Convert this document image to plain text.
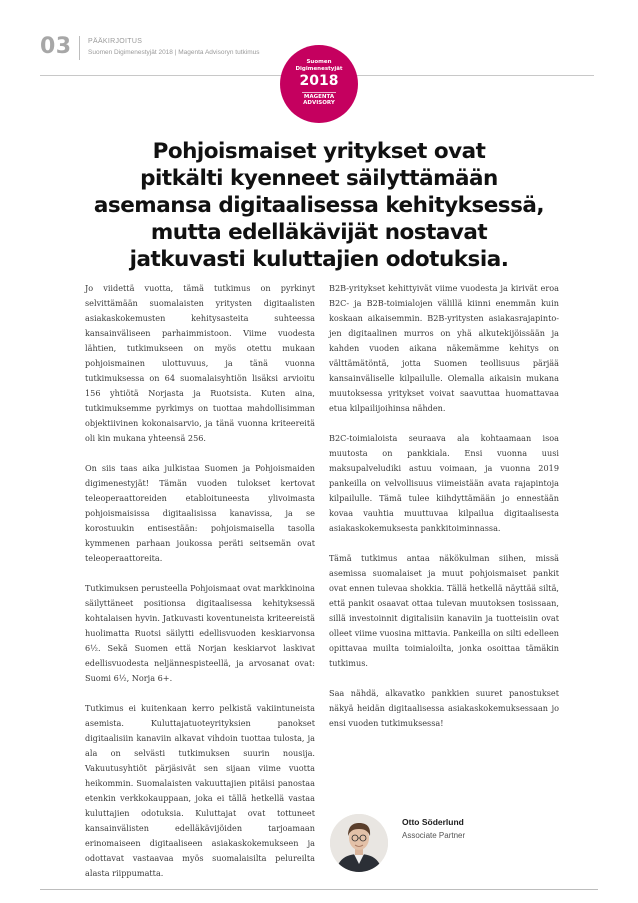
03 PÄÄKIRJOITUS
Suomen Digimenestyjät 2018 | Magenta Advisoryn tutkimus
Suomen
Digimenestyjät
2018
MAGENTA
ADVISORY
Pohjoismaiset yritykset ovat
pitkälti kyenneet säilyttämään
asemansa digitaalisessa kehityksessä,
mutta edelläkävijät nostavat
jatkuvasti kuluttajien odotuksia.

Jo viidettä vuotta, tämä tutkimus on pyrkinyt selvittämään suomalaisten yritysten digitaalisten asiakaskokemusten kehitysasteita suhteessa kansainväliseen parhaimmistoon. Viime vuodesta lähtien, tutkimukseen on myös otettu mukaan pohjoismainen ulottuvuus, ja tänä vuonna tutkimuksessa on 64 suomalaisyhtiön lisäksi arvioitu 156 yhtiötä Norjasta ja Ruotsista. Kuten aina, tutkimuksemme pyrkimys on tuottaa mahdollisimman objektiivinen kokonaisarvio, ja tänä vuonna kriteereitä oli kin mukana yhteensä 256.

On siis taas aika julkistaa Suomen ja Pohjoismaiden digimenestyjät! Tämän vuoden tulokset kertovat teleoperaattoreiden etabloituneesta ylivoimasta pohjoismaisissa digitaalisissa kanavissa, ja se korostuukin entisestään: pohjoismaisella tasolla kymmenen parhaan joukossa peräti seitsemän ovat teleoperaattoreita.

Tutkimuksen perusteella Pohjoismaat ovat markkinoina säilyttäneet positionsa digitaalisessa kehityksessä kohtalaisen hyvin. Jatkuvasti koventuneista kriteereistä huolimatta Ruotsi säilytti edellisvuoden keskiarvonsa 6½. Sekä Suomen että Norjan keskiarvot laskivat edellisvuodesta neljännespisteellä, ja arvosanat ovat: Suomi 6½, Norja 6+.

Tutkimus ei kuitenkaan kerro pelkistä vakiintuneista asemista. Kuluttajatuoteyrityksien panokset digitaalisiin kanaviin alkavat vihdoin tuottaa tulosta, ja ala on selvästi tutkimuksen suurin nousija. Vakuutusyhtiöt pärjäsivät sen sijaan viime vuotta heikommin. Suomalaisten vakuuttajien pitäisi panostaa etenkin verkkokauppaan, joka ei tällä hetkellä vastaa kuluttajien odotuksia. Kuluttajat ovat tottuneet kansainvälisten edelläkävijöiden tarjoamaan erinomaiseen digitaaliseen asiakaskokemukseen ja odottavat vastaavaa myös suomalaisilta pelureilta alasta riippumatta.

B2B-yritykset kehittyivät viime vuodesta ja kirivät eroa B2C- ja B2B-toimialojen välillä kiinni enemmän kuin koskaan aikaisemmin. B2B-yritysten asiakasrajapinto-jen digitaalinen murros on yhä alkutekijöissään ja kahden vuoden aikana näkemämme kehitys on välttämätöntä, jotta Suomen teollisuus pärjää kansainväliselle kilpailulle. Olemalla aikaisin mukana muutoksessa yritykset voivat saavuttaa huomattavaa etua kilpailijoihinsa nähden.

B2C-toimialoista seuraava ala kohtaamaan isoa muutosta on pankkiala. Ensi vuonna uusi maksupalveludiki astuu voimaan, ja vuonna 2019 pankeilla on velvollisuus viimeistään avata rajapintoja kilpailulle. Tämä tulee kiihdyttämään jo ennestään kovaa vauhtia muuttuvaa kilpailua digitaalisesta asiakaskokemuksesta pankkitoiminnassa.

Tämä tutkimus antaa näkökulman siihen, missä asemissa suomalaiset ja muut pohjoismaiset pankit ovat ennen tulevaa shokkia. Tällä hetkellä näyttää siltä, että pankit osaavat ottaa tulevan muutoksen tosissaan, sillä investoinnit digitalisiin kanaviin ja tuotteisiin ovat olleet viime vuosina mittavia. Pankeilla on silti edelleen opittavaa muilta toimialoilta, jonka osoittaa tämäkin tutkimus.

Saa nähdä, alkavatko pankkien suuret panostukset näkyä heidän digitaalisessa asiakaskokemuksessaan jo ensi vuoden tutkimuksessa!

Otto Söderlund
Associate Partner
